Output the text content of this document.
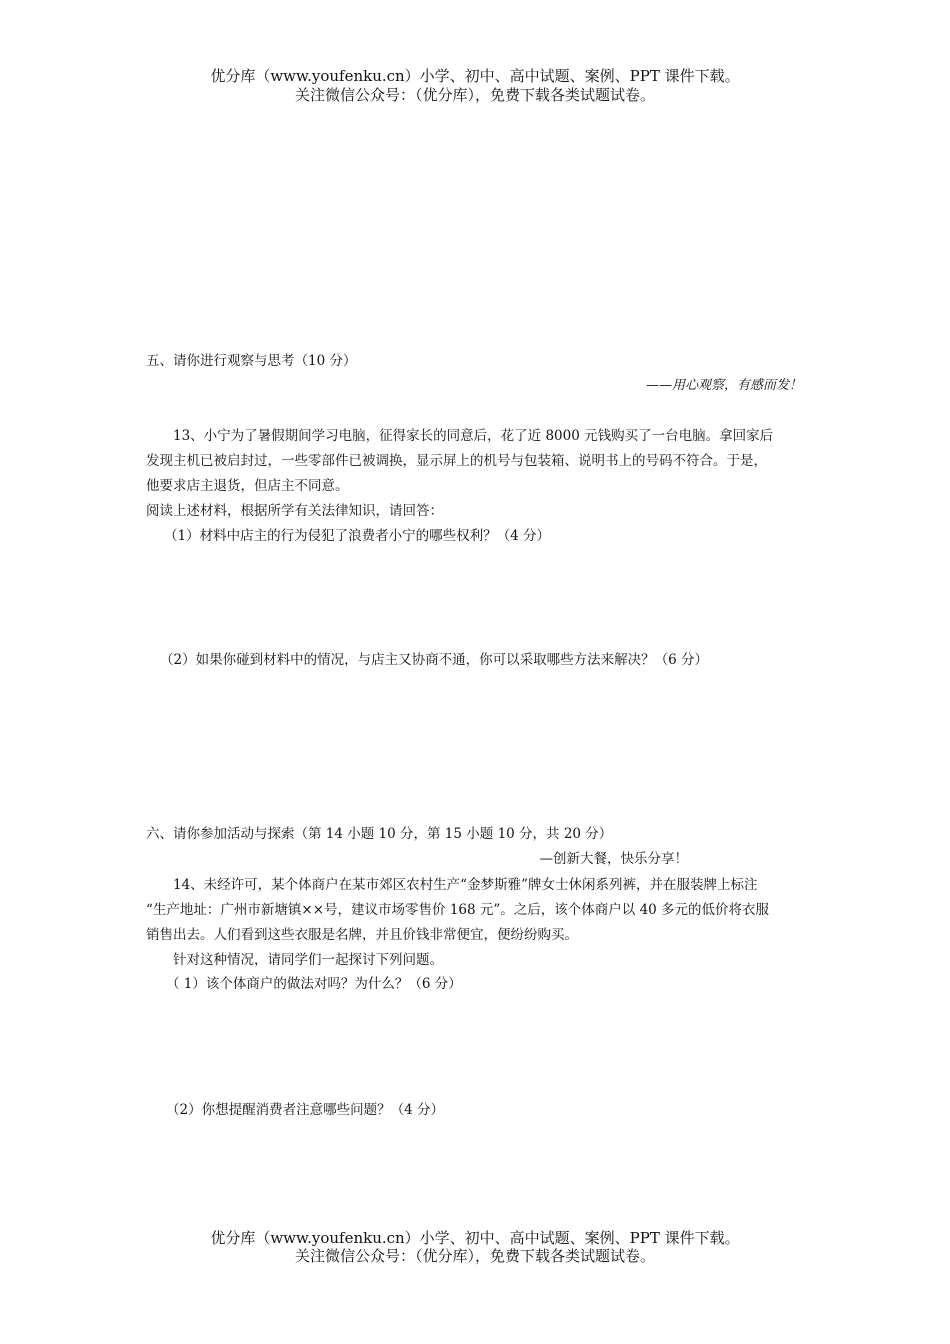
优分库（www.youfenku.cn）小学、初中、高中试题、案例、PPT 课件下载。
关注微信公众号：（优分库），免费下载各类试题试卷。
五、请你进行观察与思考（10 分）
——用心观察，有感而发！
13、小宁为了暑假期间学习电脑，征得家长的同意后，花了近 8000 元钱购买了一台电脑。拿回家后
发现主机已被启封过，一些零部件已被调换，显示屏上的机号与包装箱、说明书上的号码不符合。于是，
他要求店主退货，但店主不同意。
阅读上述材料，根据所学有关法律知识，请回答：
（1）材料中店主的行为侵犯了浪费者小宁的哪些权利？（4 分）
（2）如果你碰到材料中的情况，与店主又协商不通，你可以采取哪些方法来解决？（6 分）
六、请你参加活动与探索（第 14 小题 10 分，第 15 小题 10 分，共 20 分）
—创新大餐，快乐分享！
14、未经许可，某个体商户在某市郊区农村生产“金梦斯雅”牌女士休闲系列裤，并在服装牌上标注
“生产地址：广州市新塘镇××号，建议市场零售价 168 元”。之后，该个体商户以 40 多元的低价将衣服
销售出去。人们看到这些衣服是名牌，并且价钱非常便宜，便纷纷购买。
针对这种情况，请同学们一起探讨下列问题。
（ 1）该个体商户的做法对吗？为什么？（6 分）
（2）你想提醒消费者注意哪些问题？（4 分）
优分库（www.youfenku.cn）小学、初中、高中试题、案例、PPT 课件下载。
关注微信公众号：（优分库），免费下载各类试题试卷。
